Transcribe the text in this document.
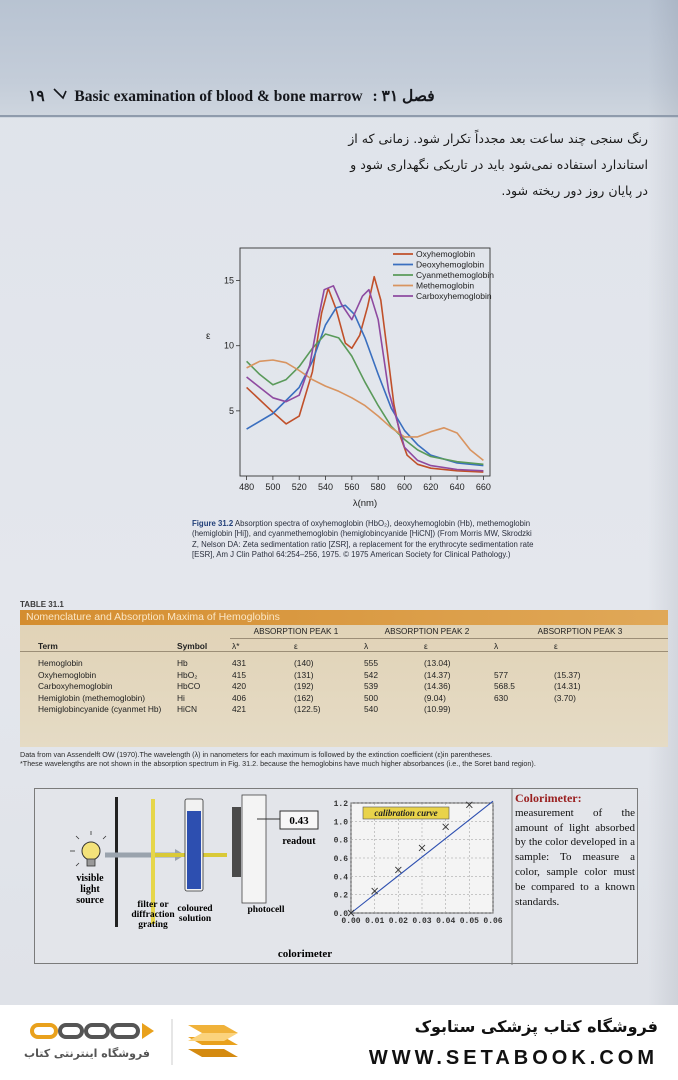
۱۹ Basic examination of blood & bone marrow : ۳۱ فصل
رنگ سنجی چند ساعت بعد مجدداً تکرار شود. زمانی که از استاندارد استفاده نمی‌شود باید در تاریکی نگهداری شود و در پایان روز دور ریخته شود.
480 500 520 540 560 580 600 620 640 660
5
10
15
λ(nm)
ε
Oxyhemoglobin
Deoxyhemoglobin
Cyanmethemoglobin
Methemoglobin
Carboxyhemoglobin
Figure 31.2 Absorption spectra of oxyhemoglobin (HbO₂), deoxyhemoglobin (Hb), methemoglobin (hemiglobin [Hi]), and cyanmethemoglobin (hemiglobincyanide [HiCN]) (From Morris MW, Skrodzki Z, Nelson DA: Zeta sedimentation ratio [ZSR], a replacement for the erythrocyte sedimentation rate [ESR], Am J Clin Pathol 64:254–256, 1975. © 1975 American Society for Clinical Pathology.)
TABLE 31.1
Nomenclature and Absorption Maxima of Hemoglobins
		ABSORPTION PEAK 1		ABSORPTION PEAK 2		ABSORPTION PEAK 3	

Term	Symbol	λ*	ε	λ	ε	λ	ε

Hemoglobin	Hb	431	(140)	555	(13.04)		
Oxyhemoglobin	HbO₂	415	(131)	542	(14.37)	577	(15.37)
Carboxyhemoglobin	HbCO	420	(192)	539	(14.36)	568.5	(14.31)
Hemiglobin (methemoglobin)	Hi	406	(162)	500	(9.04)	630	(3.70)
Hemiglobincyanide (cyanmet Hb)	HiCN	421	(122.5)	540	(10.99)		
Data from van Assendelft OW (1970).The wavelength (λ) in nanometers for each maximum is followed by the extinction coefficient (ε)in parentheses.
*These wavelengths are not shown in the absorption spectrum in Fig. 31.2. because the hemoglobins have much higher absorbances (i.e., the Soret band region).
visible
light
source	filter or
diffraction
grating
coloured
solution
photocell
0.43
readout
colorimeter
0.00 0.01 0.02 0.03 0.04 0.05 0.06
0.0
0.2
0.4
0.6
0.8
1.0
1.2
calibration curve
Colorimeter:
measurement of the amount of light absorbed by the color developed in a sample: To measure a color, sample color must be compared to a known standards.
فروشگاه اینترنتی کتاب
فروشگاه کتاب پزشکی ستابوک
WWW.SETABOOK.COM
